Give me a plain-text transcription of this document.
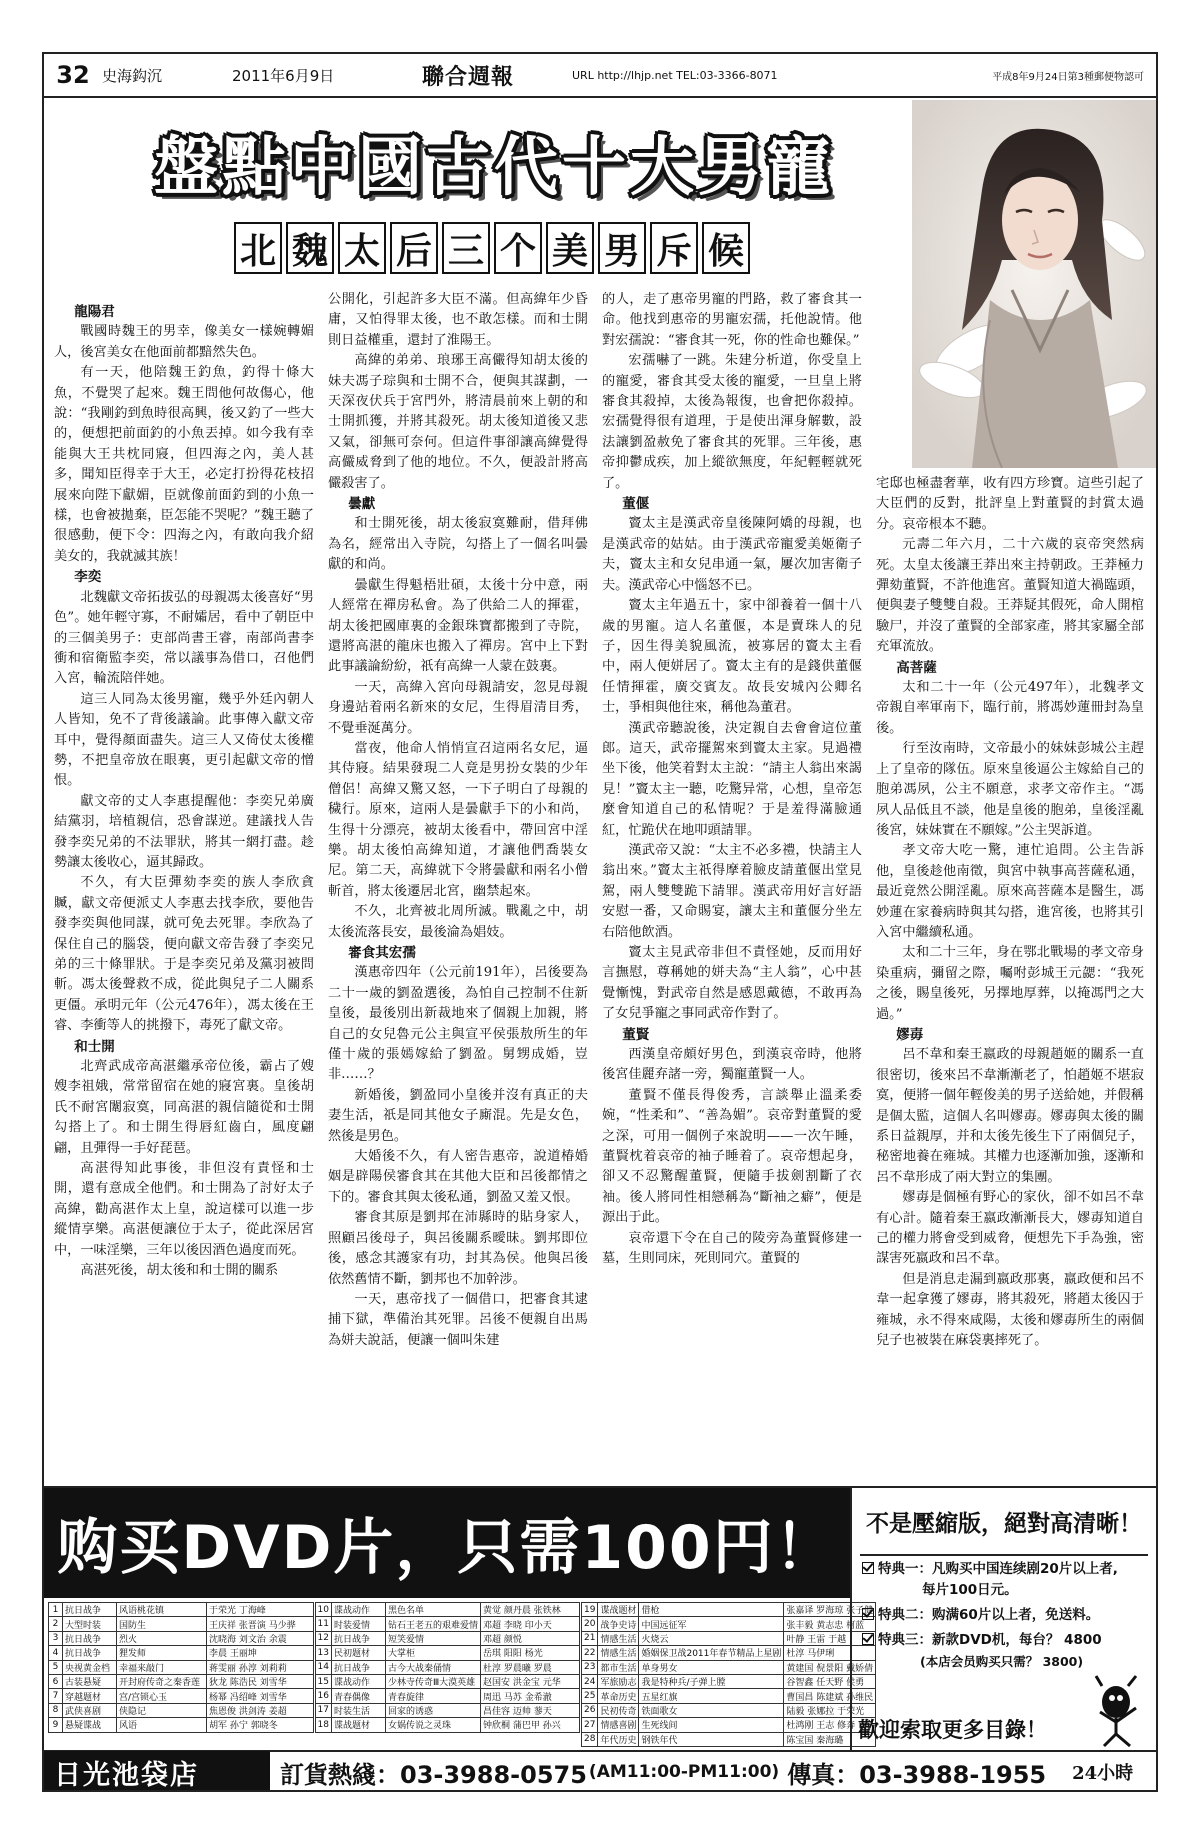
32 史海鈎沉	2011年6月9日	聯合週報	URL http://lhjp.net TEL:03-3366-8071	平成8年9月24日第3種郵便物認可
盤點中國古代十大男寵
北 魏 太 后 三 个 美 男 斥 候
龍陽君

戰國時魏王的男幸，像美女一樣婉轉媚人，後宮美女在他面前都黯然失色。

有一天，他陪魏王釣魚，釣得十條大魚，不覺哭了起來。魏王問他何故傷心，他說：“我剛釣到魚時很高興，後又釣了一些大的，便想把前面釣的小魚丟掉。如今我有幸能與大王共枕同寢，但四海之內，美人甚多，聞知臣得幸于大王，必定打扮得花枝招展來向陛下獻媚，臣就像前面釣到的小魚一樣，也會被拋棄，臣怎能不哭呢？”魏王聽了很感動，便下令：四海之內，有敢向我介紹美女的，我就滅其族！

李奕

北魏獻文帝拓拔弘的母親馮太後喜好“男色”。她年輕守寡，不耐孀居，看中了朝臣中的三個美男子：吏部尚書王睿，南部尚書李衝和宿衛監李奕，常以議事為借口，召他們入宮，輪流陪伴她。

這三人同為太後男寵，幾乎外廷內朝人人皆知，免不了背後議論。此事傳入獻文帝耳中，覺得顏面盡失。這三人又倚仗太後權勢，不把皇帝放在眼裏，更引起獻文帝的憎恨。

獻文帝的丈人李惠提醒他：李奕兄弟廣結黨羽，培植親信，恐會謀逆。建議找人告發李奕兄弟的不法罪狀，將其一網打盡。趁勢讓太後收心，逼其歸政。

不久，有大臣彈劾李奕的族人李欣貪贓，獻文帝便派丈人李惠去找李欣，要他告發李奕與他同謀，就可免去死罪。李欣為了保住自己的腦袋，便向獻文帝告發了李奕兄弟的三十條罪狀。于是李奕兄弟及黨羽被問斬。馮太後聲救不成，從此與兒子二人關系更僵。承明元年（公元476年），馮太後在王睿、李衝等人的挑撥下，毒死了獻文帝。

和士開

北齊武成帝高湛繼承帝位後，霸占了嫂嫂李祖娥，常常留宿在她的寢宮裏。皇後胡氏不耐宮闈寂寞，同高湛的親信隨從和士開勾搭上了。和士開生得唇紅齒白，風度翩翩，且彈得一手好琵琶。

高湛得知此事後，非但沒有責怪和士開，還有意成全他們。和士開為了討好太子高緯，勸高湛作太上皇，說這樣可以進一步縱情享樂。高湛便讓位于太子，從此深居宮中，一味淫樂，三年以後因酒色過度而死。

高湛死後，胡太後和和士開的關系

公開化，引起許多大臣不滿。但高緯年少昏庸，又怕得罪太後，也不敢怎樣。而和士開則日益權重，還封了淮陽王。

高緯的弟弟、琅琊王高儼得知胡太後的妹夫馮子琮與和士開不合，便與其謀劃，一天深夜伏兵于宮門外，將清晨前來上朝的和士開抓獲，并將其殺死。胡太後知道後又悲又氣，卻無可奈何。但這件事卻讓高緯覺得高儼威脅到了他的地位。不久，便設計將高儼殺害了。

曇獻

和士開死後，胡太後寂寞難耐，借拜佛為名，經常出入寺院，勾搭上了一個名叫曇獻的和尚。

曇獻生得魁梧壯碩，太後十分中意，兩人經常在禪房私會。為了供給二人的揮霍，胡太後把國庫裏的金銀珠寶都搬到了寺院，還將高湛的龍床也搬入了禪房。宮中上下對此事議論紛紛，祇有高緯一人蒙在鼓裏。

一天，高緯入宮向母親請安，忽見母親身邊站着兩名新來的女尼，生得眉清目秀，不覺垂涎萬分。

當夜，他命人悄悄宣召這兩名女尼，逼其侍寢。結果發現二人竟是男扮女裝的少年僧侶！高緯又驚又怒，一下子明白了母親的穢行。原來，這兩人是曇獻手下的小和尚，生得十分漂亮，被胡太後看中，帶回宮中淫樂。胡太後怕高緯知道，才讓他們喬裝女尼。第二天，高緯就下令將曇獻和兩名小僧斬首，將太後遷居北宮，幽禁起來。

不久，北齊被北周所滅。戰亂之中，胡太後流落長安，最後淪為娼妓。

審食其宏孺

漢惠帝四年（公元前191年），呂後要為二十一歲的劉盈選後，為怕自己控制不住新皇後，最後別出新裁地來了個親上加親，將自己的女兒魯元公主與宣平侯張敖所生的年僅十歲的張嫣嫁給了劉盈。舅甥成婚，豈非……？

新婚後，劉盈同小皇後并沒有真正的夫妻生活，祇是同其他女子廝混。先是女色，然後是男色。

大婚後不久，有人密告惠帝，說道椿婚姻是辟陽侯審食其在其他大臣和呂後都情之下的。審食其與太後私通，劉盈又羞又恨。

審食其原是劉邦在沛縣時的貼身家人，照顧呂後母子，與呂後關系曖昧。劉邦即位後，感念其護家有功，封其為侯。他與呂後依然舊情不斷，劉邦也不加幹涉。

一天，惠帝找了一個借口，把審食其逮捕下獄，準備治其死罪。呂後不便親自出馬為姘夫說話，便讓一個叫朱建

的人，走了惠帝男寵的門路，救了審食其一命。他找到惠帝的男寵宏孺，托他說情。他對宏孺說：“審食其一死，你的性命也難保。”

宏孺嚇了一跳。朱建分析道，你受皇上的寵愛，審食其受太後的寵愛，一旦皇上將審食其殺掉，太後為報復，也會把你殺掉。宏孺覺得很有道理，于是使出渾身解數，設法讓劉盈赦免了審食其的死罪。三年後，惠帝抑鬱成疾，加上縱欲無度，年紀輕輕就死了。

董偃

竇太主是漢武帝皇後陳阿嬌的母親，也是漢武帝的姑姑。由于漢武帝寵愛美姬衛子夫，竇太主和女兒串通一氣，屢次加害衛子夫。漢武帝心中惱怒不已。

竇太主年過五十，家中卻養着一個十八歲的男寵。這人名董偃，本是賣珠人的兒子，因生得美貌風流，被寡居的竇太主看中，兩人便姘居了。竇太主有的是錢供董偃任情揮霍，廣交賓友。故長安城內公卿名士，爭相與他往來，稱他為董君。

漢武帝聽說後，決定親自去會會這位董郎。這天，武帝擺駕來到竇太主家。見過禮坐下後，他笑着對太主說：“請主人翁出來謁見！”竇太主一聽，吃驚异常，心想，皇帝怎麼會知道自己的私情呢？于是羞得滿臉通紅，忙跪伏在地叩頭請罪。

漢武帝又說：“太主不必多禮，快請主人翁出來。”竇太主祇得摩着臉皮請董偃出堂見駕，兩人雙雙跪下請罪。漢武帝用好言好語安慰一番，又命賜宴，讓太主和董偃分坐左右陪他飲酒。

竇太主見武帝非但不責怪她，反而用好言撫慰，尊稱她的姘夫為“主人翁”，心中甚覺慚愧，對武帝自然是感恩戴德，不敢再為了女兒爭寵之事同武帝作對了。

董賢

西漢皇帝頗好男色，到漢哀帝時，他將後宮佳麗弃諸一旁，獨寵董賢一人。

董賢不僅長得俊秀，言談舉止溫柔委婉，“性柔和”、“善為媚”。哀帝對董賢的愛之深，可用一個例子來說明——一次午睡，董賢枕着哀帝的袖子睡着了。哀帝想起身，卻又不忍驚醒董賢，便隨手拔劍割斷了衣袖。後人將同性相戀稱為“斷袖之癖”，便是源出于此。

哀帝還下令在自己的陵旁為董賢修建一墓，生則同床，死則同穴。董賢的

宅邸也極盡奢華，收有四方珍寶。這些引起了大臣們的反對，批評皇上對董賢的封賞太過分。哀帝根本不聽。

元壽二年六月，二十六歲的哀帝突然病死。太皇太後讓王莽出來主持朝政。王莽極力彈劾董賢，不許他進宮。董賢知道大禍臨頭，便與妻子雙雙自殺。王莽疑其假死，命人開棺驗尸，并沒了董賢的全部家產，將其家屬全部充軍流放。

高菩薩

太和二十一年（公元497年），北魏孝文帝親自率軍南下，臨行前，將馮妙蓮冊封為皇後。

行至汝南時，文帝最小的妹妹彭城公主趕上了皇帝的隊伍。原來皇後逼公主嫁給自己的胞弟馮夙，公主不願意，求孝文帝作主。“馮夙人品低且不談，他是皇後的胞弟，皇後淫亂後宮，妹妹實在不願嫁。”公主哭訴道。

孝文帝大吃一驚，連忙追問。公主告訴他，皇後趁他南徵，與宮中執事高菩薩私通，最近竟然公開淫亂。原來高菩薩本是醫生，馮妙蓮在家養病時與其勾搭，進宮後，也將其引入宮中繼續私通。

太和二十三年，身在鄂北戰場的孝文帝身染重病，彌留之際，囑咐彭城王元勰：“我死之後，賜皇後死，另擇地厚葬，以掩馮門之大過。”

嫪毐

呂不韋和秦王嬴政的母親趙姬的關系一直很密切，後來呂不韋漸漸老了，怕趙姬不堪寂寞，便將一個年輕俊美的男子送給她，并假稱是個太監，這個人名叫嫪毐。嫪毐與太後的關系日益親厚，并和太後先後生下了兩個兒子，秘密地養在雍城。其權力也逐漸加強，逐漸和呂不韋形成了兩大對立的集團。

嫪毐是個極有野心的家伙，卻不如呂不韋有心計。隨着秦王嬴政漸漸長大，嫪毐知道自己的權力將會受到威脅，便想先下手為強，密謀害死嬴政和呂不韋。

但是消息走漏到嬴政那裏，嬴政便和呂不韋一起拿獲了嫪毐，將其殺死，將趙太後囚于雍城，永不得來咸陽，太後和嫪毐所生的兩個兒子也被裝在麻袋裏摔死了。

购买DVD片，只需100円！
1	抗日战争	风语桃花镇	于荣光 丁海峰
2	大型时装	国防生	王庆祥 张晋演 马少骅
3	抗日战争	烈火	沈晓海 刘文治 余震
4	抗日战争	狸发师	李晨 王丽坤
5	央视黄金档	幸福来敲门	蒋雯丽 孙淳 刘莉莉
6	古装悬疑	开封府传奇之秦香莲	狄龙 陈浩民 刘雪华
7	穿越题材	宫/宫锁心玉	杨幂 冯绍峰 刘雪华
8	武侠喜剧	侠隐记	焦恩俊 洪剑涛 姜超
9	悬疑谍战	风语	胡军 孙宁 郭晓冬
10	谍战动作	黑色名单	黄觉 颜丹晨 张铁林
11	时装爱情	钻石王老五的艰难爱情	邓超 李晓 印小天
12	抗日战争	短笑爱情	邓超 颜悦
13	民初题材	大掌柜	岳琪 阳阳 杨光
14	抗日战争	古今大战秦俑情	杜淳 罗晨曦 罗晨
15	谍战动作	少林寺传奇Ⅲ大漠英雄	赵国安 洪金宝 元华
16	青春偶像	青春旋律	周迅 马苏 金希澈
17	时装生活	回家的诱惑	昌佳容 迈帅 蓼天
18	谍战题材	女娲传说之灵珠	钟欣桐 蒲巴甲 孙兴
19	谍战题材	借枪	张嘉译 罗海琼 张子健
20	战争史诗	中国远征军	张丰毅 黄志忠 柯蓝
21	情感生活	火烧云	叶静 王雷 于越
22	情感生活	婚姻保卫战2011年春节精品上星剧	杜淳 马伊琍
23	都市生活	单身男女	黄建国 倪景阳 戴娇倩
24	军旅励志	我是特种兵/子弹上膛	谷智鑫 任天野 侯勇
25	革命历史	五星红旗	曹国昌 陈建斌 孙维民
26	民初传奇	铁面歌女	陆毅 张娜拉 于荣光
27	情感喜剧	生死线间	杜鸿刚 王志 修奔
28	年代历史	钢铁年代	陈宝国 秦海璐
不是壓縮版，絕對高清晰！
特典一：凡购买中国连续剧20片以上者,
每片100日元。
特典二：购满60片以上者，免送料。
特典三：新款DVD机，每台？ 4800
(本店会员购买只需？ 3800)
歡迎索取更多目錄！
日光池袋店	訂貨熱綫：03-3988-0575 (AM11:00-PM11:00) 傳真：03-3988-1955 24小時
